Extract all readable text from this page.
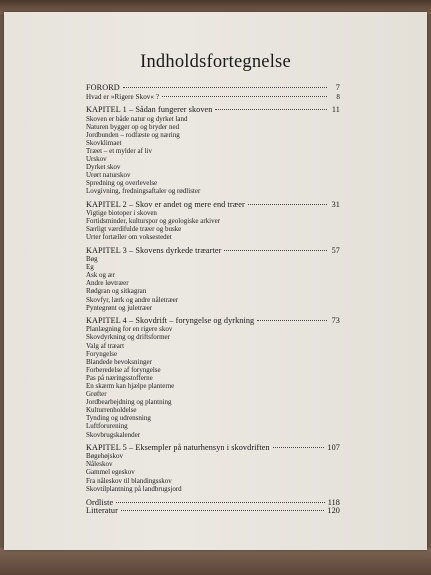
Indholdsfortegnelse
FORORD	7
Hvad er »Rigere Skov« ?	8
KAPITEL 1 – Sådan fungerer skoven	11
Skoven er både natur og dyrket land
Naturen bygger op og bryder ned
Jordbunden – rodfæste og næring
Skovklimaet
Træet – et mylder af liv
Urskov
Dyrket skov
Urørt naturskov
Spredning og overlevelse
Lovgivning, fredningsaftaler og rødlister
KAPITEL 2 – Skov er andet og mere end træer	31
Vigtige biotoper i skoven
Fortidsminder, kulturspor og geologiske arkiver
Særligt værdifulde træer og buske
Urter fortæller om voksestedet
KAPITEL 3 – Skovens dyrkede træarter	57
Bøg
Eg
Ask og ær
Andre løvtræer
Rødgran og sitkagran
Skovfyr, lærk og andre nåletræer
Pyntegrønt og juletræer
KAPITEL 4 – Skovdrift – foryngelse og dyrkning	73
Planlægning for en rigere skov
Skovdyrkning og driftsformer
Valg af træart
Foryngelse
Blandede bevoksninger
Forberedelse af foryngelse
Pas på næringsstofferne
En skærm kan hjælpe planterne
Grøfter
Jordbearbejdning og plantning
Kulturrenholdelse
Tynding og udrensning
Luftforurening
Skovbrugskalender
KAPITEL 5 – Eksempler på naturhensyn i skovdriften	107
Bøgehøjskov
Nåleskov
Gammel egeskov
Fra nåleskov til blandingsskov
Skovtilplantning på landbrugsjord
Ordliste	118
Litteratur	120
